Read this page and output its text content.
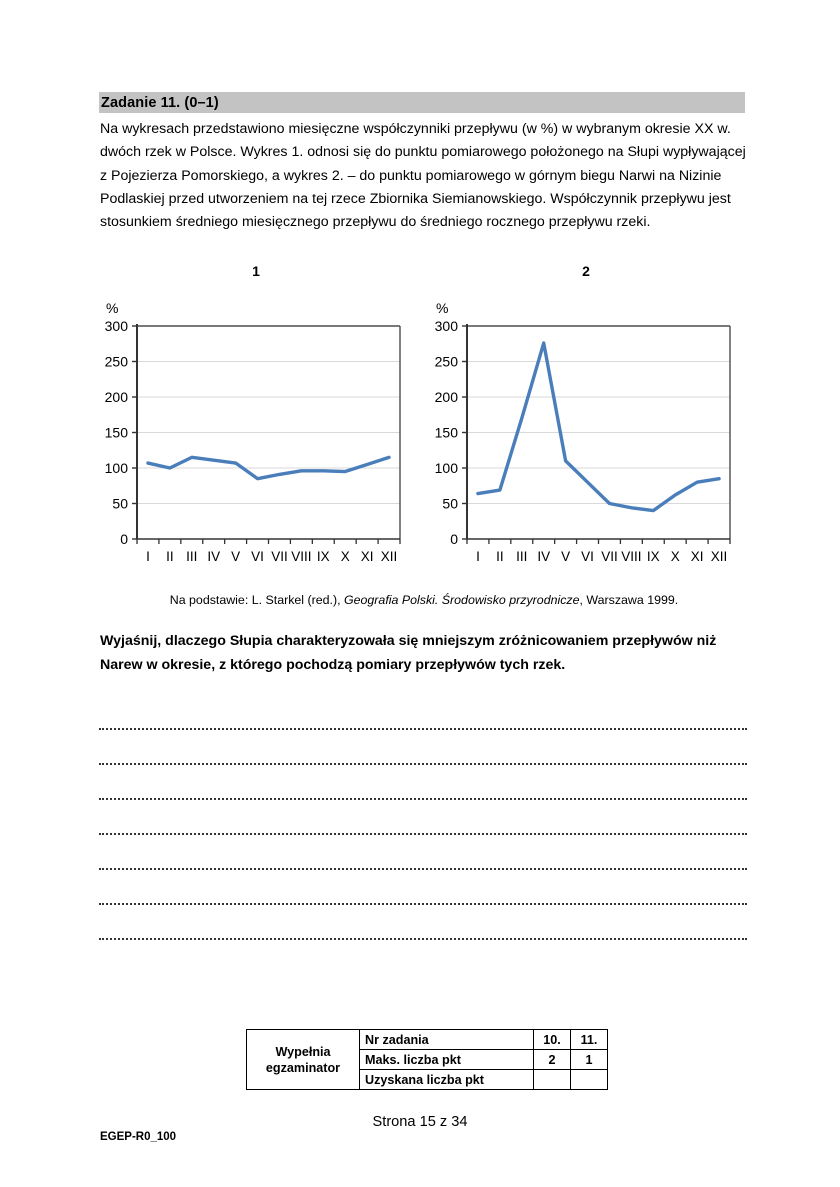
Zadanie 11. (0–1)
Na wykresach przedstawiono miesięczne współczynniki przepływu (w %) w wybranym okresie XX w. dwóch rzek w Polsce. Wykres 1. odnosi się do punktu pomiarowego położonego na Słupi wypływającej z Pojezierza Pomorskiego, a wykres 2. – do punktu pomiarowego w górnym biegu Narwi na Nizinie Podlaskiej przed utworzeniem na tej rzece Zbiornika Siemianowskiego. Współczynnik przepływu jest stosunkiem średniego miesięcznego przepływu do średniego rocznego przepływu rzeki.
1	2
%	%
0
50
100
150
200
250
300
I II III IV V VI VII VIII IX X XI XII
0
50
100
150
200
250
300
I II III IV V VI VII VIII IX X XI XII
Na podstawie: L. Starkel (red.), Geografia Polski. Środowisko przyrodnicze, Warszawa 1999.
Wyjaśnij, dlaczego Słupia charakteryzowała się mniejszym zróżnicowaniem przepływów niż Narew w okresie, z którego pochodzą pomiary przepływów tych rzek.
Wypełnia
egzaminator	Nr zadania	10.	11.
	Maks. liczba pkt	2	1
	Uzyskana liczba pkt		
EGEP-R0_100
Strona 15 z 34
